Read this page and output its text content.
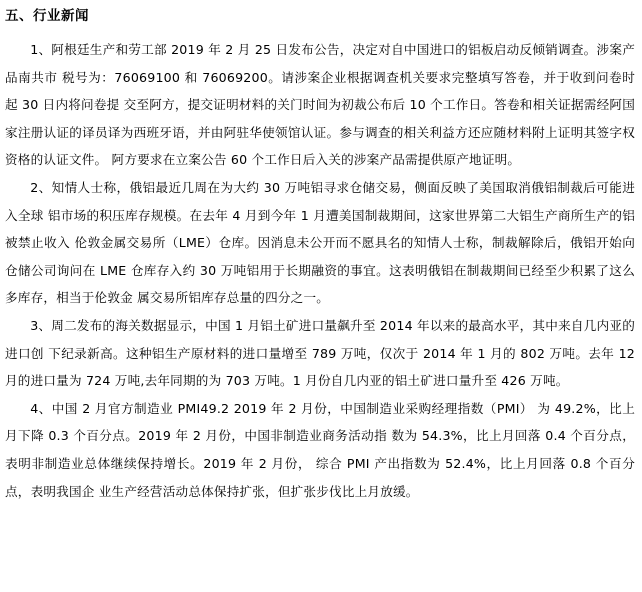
五、行业新闻

1、阿根廷生产和劳工部 2019 年 2 月 25 日发布公告，决定对自中国进口的铝板启动反倾销调查。涉案产品南共市 税号为：76069100 和 76069200。请涉案企业根据调查机关要求完整填写答卷，并于收到问卷时起 30 日内将问卷提 交至阿方，提交证明材料的关门时间为初裁公布后 10 个工作日。答卷和相关证据需经阿国家注册认证的译员译为西班牙语，并由阿驻华使领馆认证。参与调查的相关利益方还应随材料附上证明其签字权资格的认证文件。 阿方要求在立案公告 60 个工作日后入关的涉案产品需提供原产地证明。

2、知情人士称，俄铝最近几周在为大约 30 万吨铝寻求仓储交易，侧面反映了美国取消俄铝制裁后可能进入全球 铝市场的积压库存规模。在去年 4 月到今年 1 月遭美国制裁期间，这家世界第二大铝生产商所生产的铝被禁止收入 伦敦金属交易所（LME）仓库。因消息未公开而不愿具名的知情人士称，制裁解除后，俄铝开始向仓储公司询问在 LME 仓库存入约 30 万吨铝用于长期融资的事宜。这表明俄铝在制裁期间已经至少积累了这么多库存，相当于伦敦金 属交易所铝库存总量的四分之一。

3、周二发布的海关数据显示，中国 1 月铝土矿进口量飙升至 2014 年以来的最高水平，其中来自几内亚的进口创 下纪录新高。这种铝生产原材料的进口量增至 789 万吨，仅次于 2014 年 1 月的 802 万吨。去年 12 月的进口量为 724 万吨,去年同期的为 703 万吨。1 月份自几内亚的铝土矿进口量升至 426 万吨。

4、中国 2 月官方制造业 PMI49.2 2019 年 2 月份，中国制造业采购经理指数（PMI） 为 49.2%，比上月下降 0.3 个百分点。2019 年 2 月份，中国非制造业商务活动指 数为 54.3%，比上月回落 0.4 个百分点，表明非制造业总体继续保持增长。2019 年 2 月份， 综合 PMI 产出指数为 52.4%，比上月回落 0.8 个百分点，表明我国企 业生产经营活动总体保持扩张，但扩张步伐比上月放缓。
